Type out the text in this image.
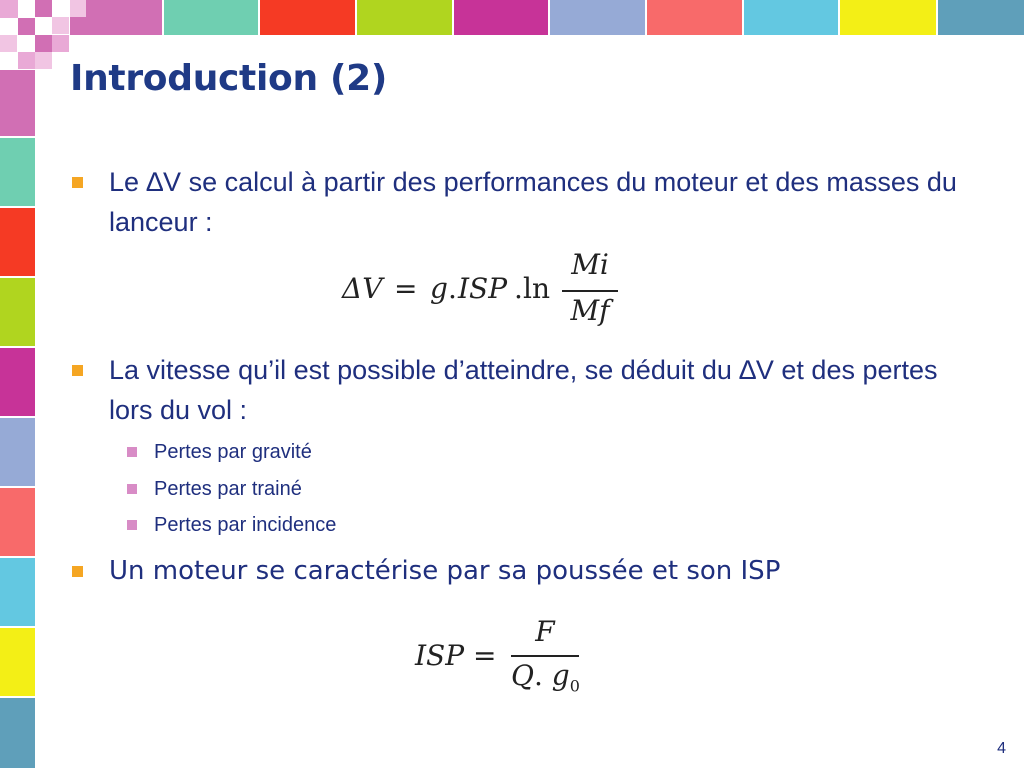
Introduction (2)
Le ∆V se calcul à partir des performances du moteur et des masses du lanceur :
ΔV = g . ISP . ln
Mi
Mf
La vitesse qu’il est possible d’atteindre, se déduit du ∆V et des pertes lors du vol :
Pertes par gravité
Pertes par trainé
Pertes par incidence
Un moteur se caractérise par sa poussée et son ISP
ISP =
F
Q. $g_0$
4
